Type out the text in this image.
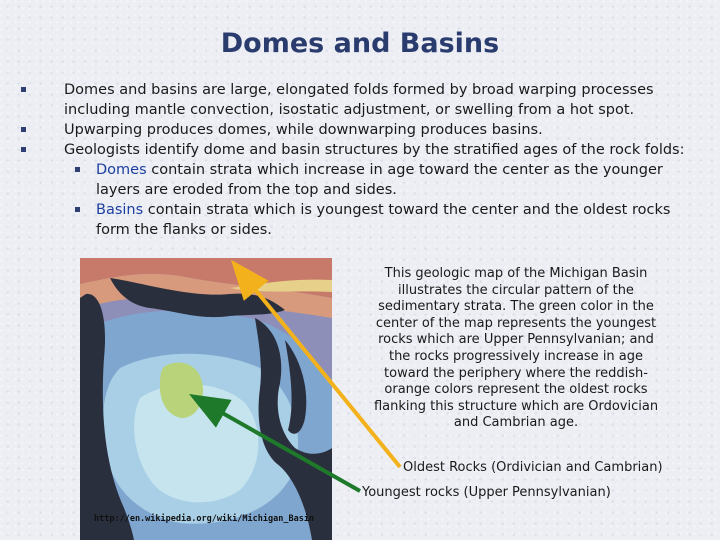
Domes and Basins
Domes and basins are large, elongated folds formed by broad warping processes
including mantle convection, isostatic adjustment, or swelling from a hot spot.
Upwarping produces domes, while downwarping produces basins.
Geologists identify dome and basin structures by the stratified ages of the rock folds:
Domes contain strata which increase in age toward the center as the younger
layers are eroded from the top and sides.
Basins contain strata which is youngest toward the center and the oldest rocks
form the flanks or sides.
This geologic map of the Michigan Basin
illustrates the circular pattern of the
sedimentary strata. The green color in the
center of the map represents the youngest
rocks which are Upper Pennsylvanian; and
the rocks progressively increase in age
toward the periphery where the reddish-
orange colors represent the oldest rocks
flanking this structure which are Ordovician
and Cambrian age.
Oldest Rocks (Ordivician and Cambrian)
Youngest rocks (Upper Pennsylvanian)
http://en.wikipedia.org/wiki/Michigan_Basin
